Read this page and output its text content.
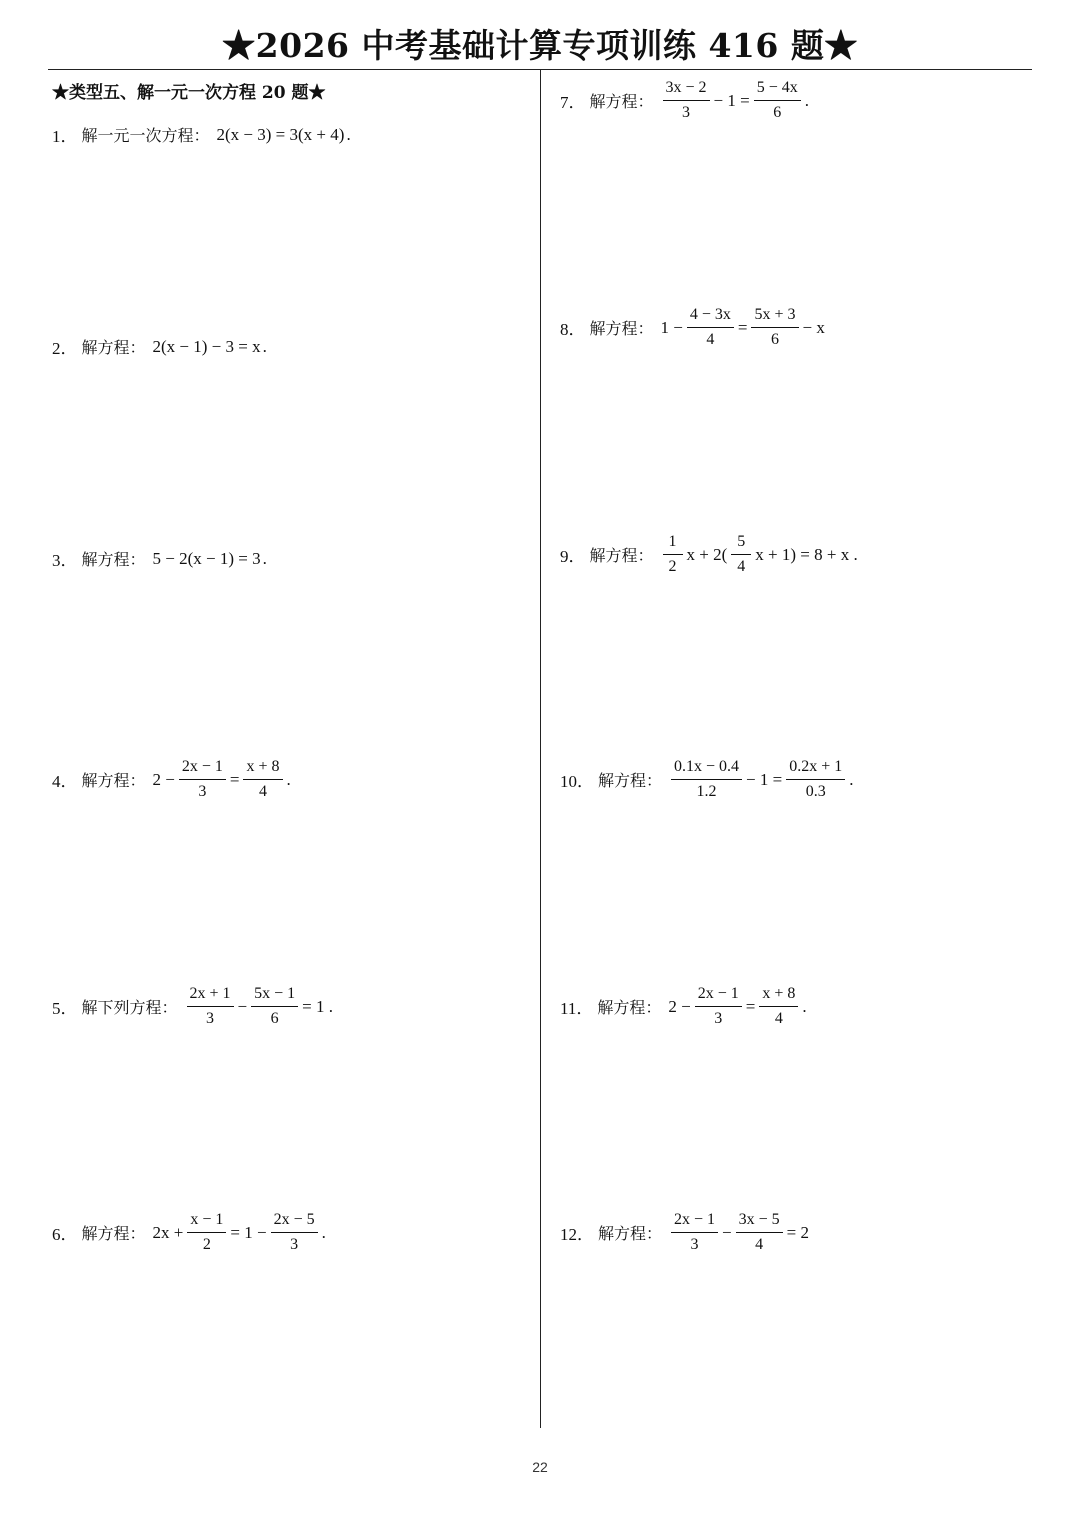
★2026 中考基础计算专项训练 416 题★
★类型五、解一元一次方程 20 题★
1． 解一元一次方程： 2(x − 3) = 3(x + 4) .
2． 解方程： 2(x − 1) − 3 = x .
3． 解方程： 5 − 2(x − 1) = 3 .
4． 解方程： $2 - \frac{2x - 1}{3} = \frac{x + 8}{4}$ .
5． 解下列方程： $\frac{2x + 1}{3} - \frac{5x - 1}{6} = 1$ .
6． 解方程： $2x + \frac{x - 1}{2} = 1 - \frac{2x - 5}{3}$ .
7． 解方程： $\frac{3x - 2}{3} - 1 = \frac{5 - 4x}{6}$ .
8． 解方程： $1 - \frac{4 - 3x}{4} = \frac{5x + 3}{6} - x$
9． 解方程： $\frac{1}{2}$ $x + 2( \frac{5}{4}$ x + 1) = 8 + x .
10． 解方程： $\frac{0.1x - 0.4}{1.2} - 1 = \frac{0.2x + 1}{0.3}$ .
11． 解方程： $2 - \frac{2x - 1}{3} = \frac{x + 8}{4}$ .
12． 解方程： $\frac{2x - 1}{3} - \frac{3x - 5}{4} = 2$
22
